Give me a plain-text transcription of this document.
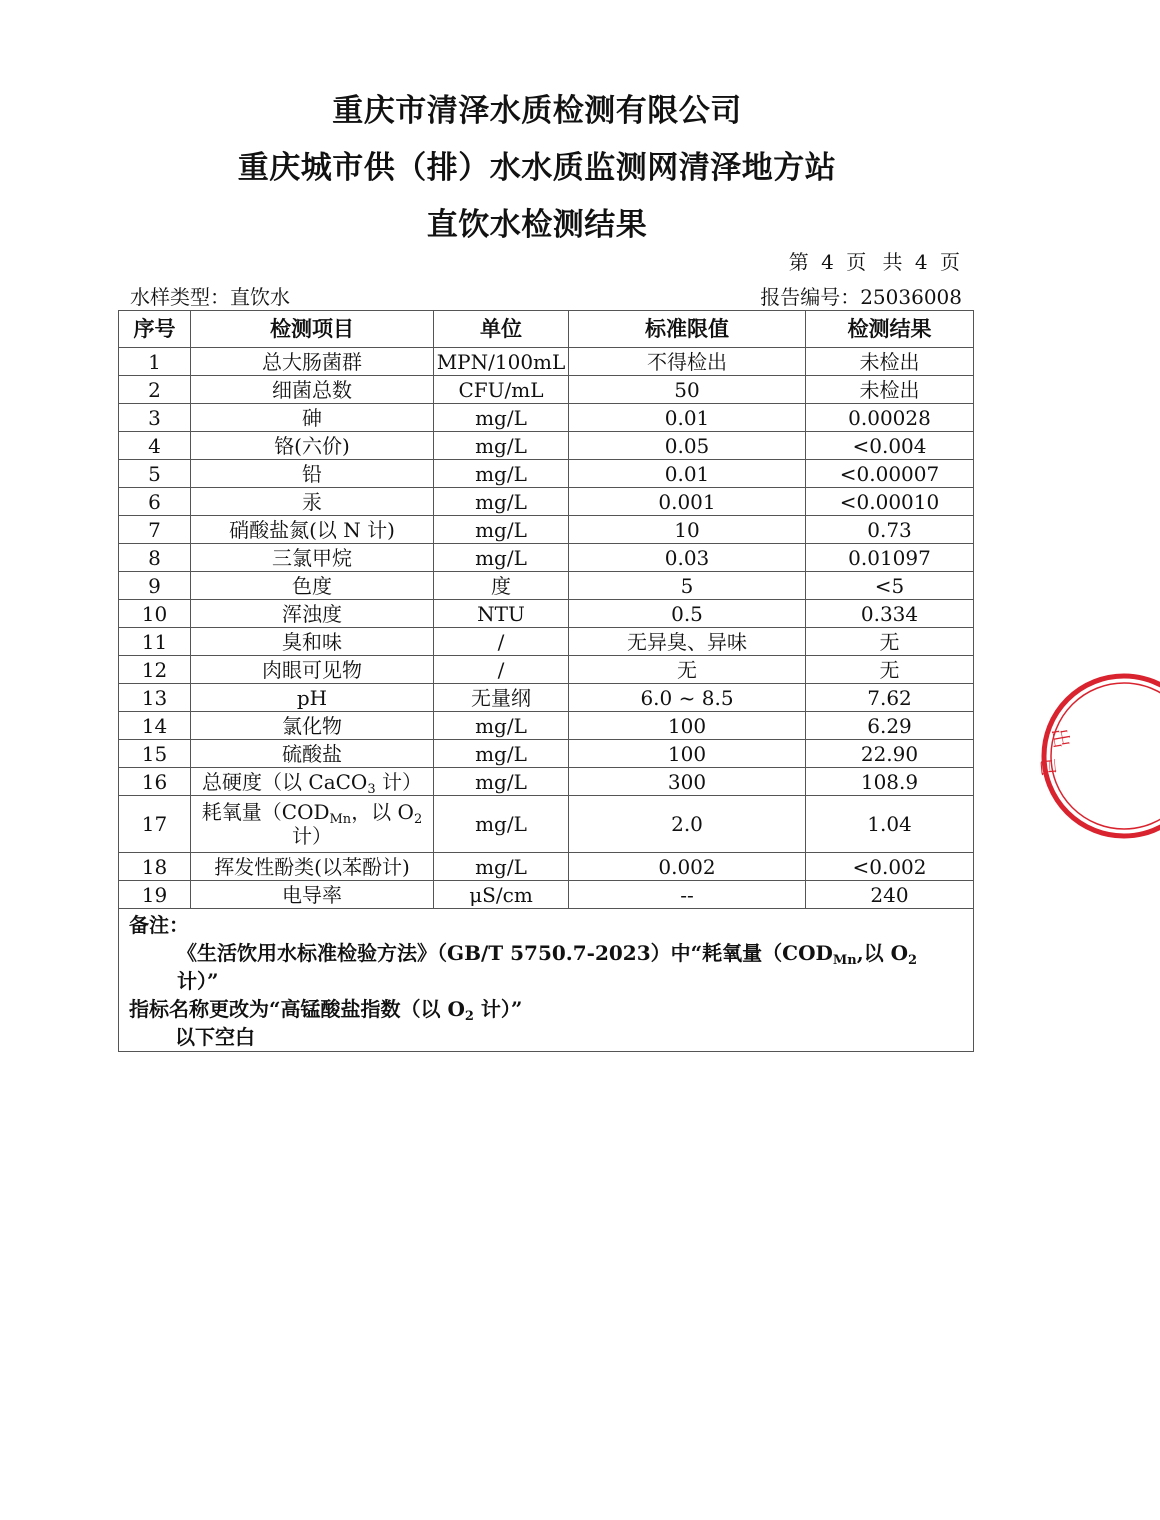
重庆市清泽水质检测有限公司
重庆城市供（排）水水质监测网清泽地方站
直饮水检测结果
第 4 页 共 4 页
水样类型：直饮水	报告编号：25036008
序号	检测项目	单位	标准限值	检测结果
1	总大肠菌群	MPN/100mL	不得检出	未检出
2	细菌总数	CFU/mL	50	未检出
3	砷	mg/L	0.01	0.00028
4	铬(六价)	mg/L	0.05	<0.004
5	铅	mg/L	0.01	<0.00007
6	汞	mg/L	0.001	<0.00010
7	硝酸盐氮(以 N 计)	mg/L	10	0.73
8	三氯甲烷	mg/L	0.03	0.01097
9	色度	度	5	<5
10	浑浊度	NTU	0.5	0.334
11	臭和味	/	无异臭、异味	无
12	肉眼可见物	/	无	无
13	pH	无量纲	6.0 ~ 8.5	7.62
14	氯化物	mg/L	100	6.29
15	硫酸盐	mg/L	100	22.90
16	总硬度（以 CaCO$_3$ 计）	mg/L	300	108.9
17	耗氧量（$COD_{Mn}$，以 $O_2$
计）	mg/L	2.0	1.04
18	挥发性酚类(以苯酚计)	mg/L	0.002	<0.002
19	电导率	μS/cm	--	240

备注：
《生活饮用水标准检验方法》（GB/T 5750.7-2023）中“耗氧量（$COD_{Mn}$,以 $O_2$ 计）”
指标名称更改为“高锰酸盐指数（以 $O_2$ 计）”
以下空白				
出
已
